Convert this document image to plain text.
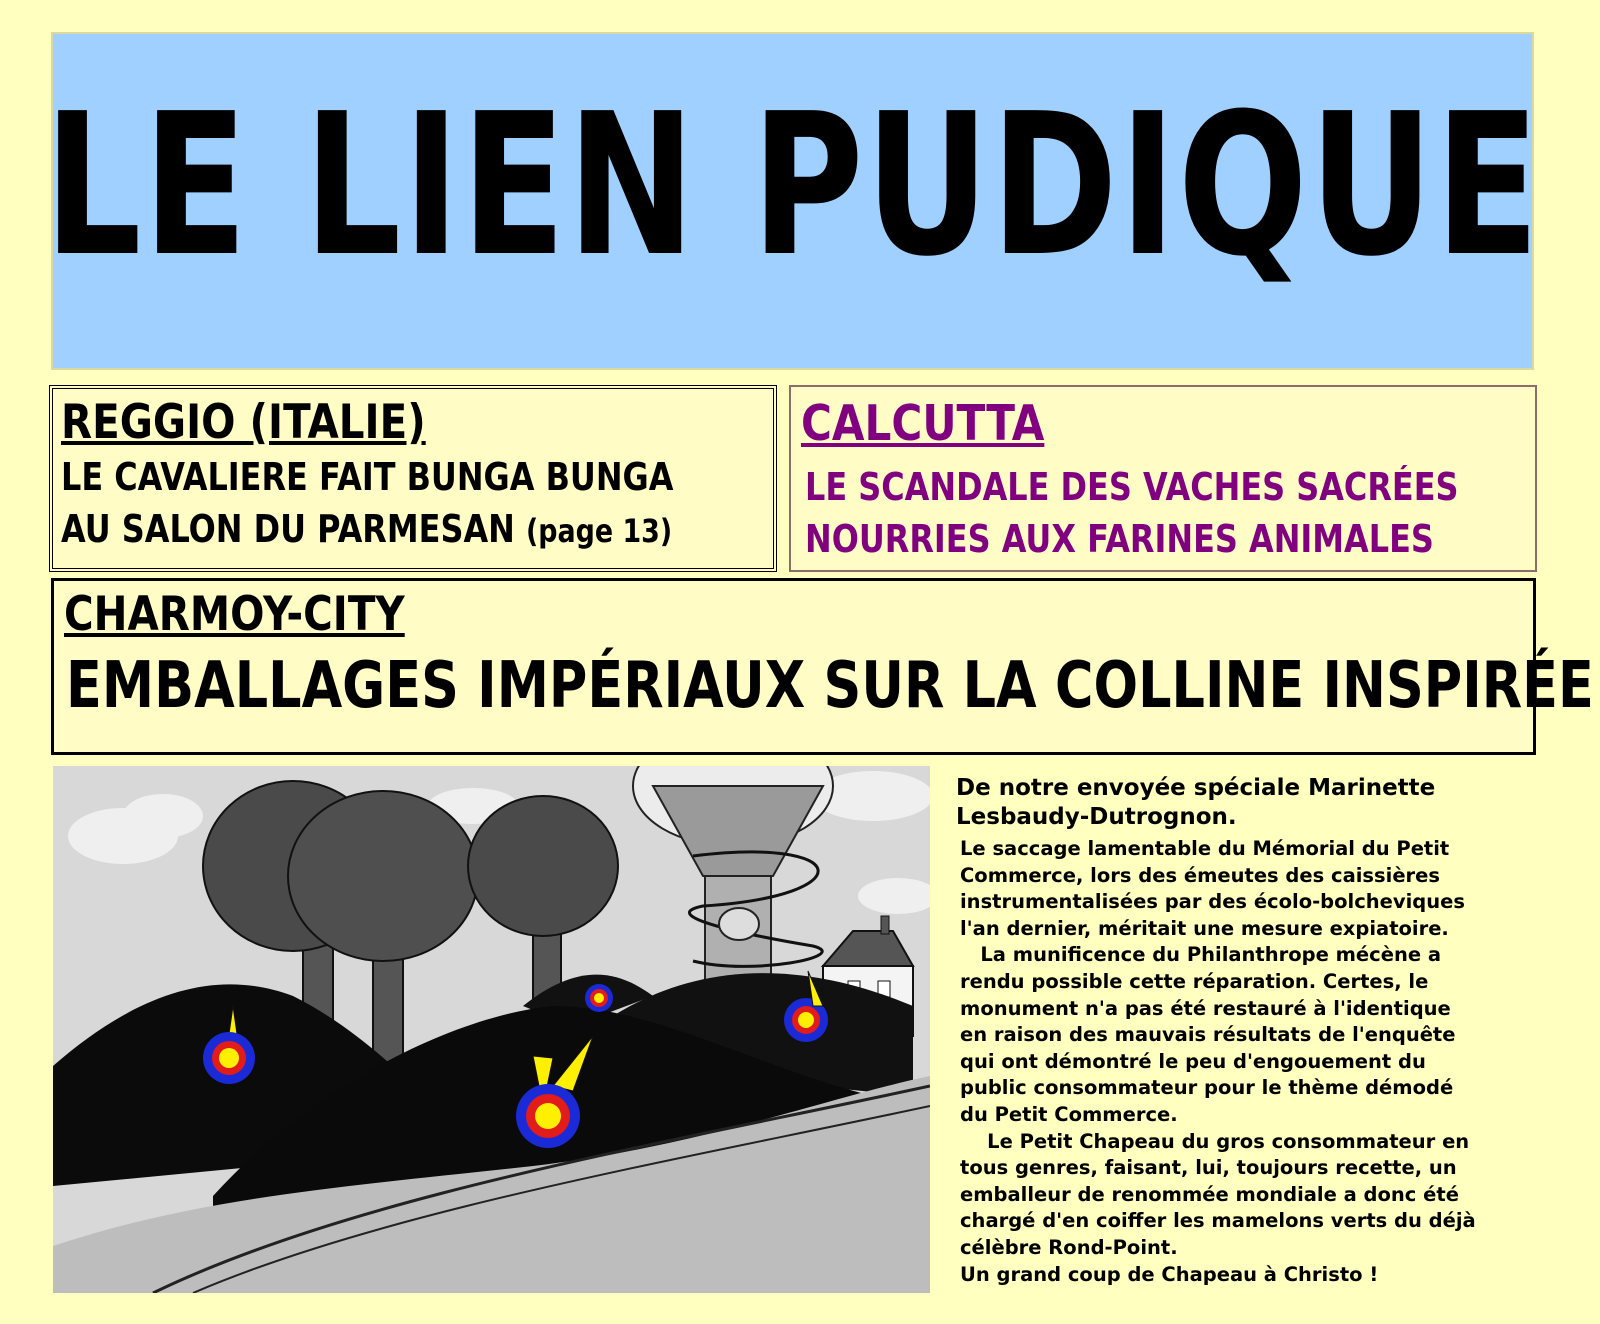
LE LIEN PUDIQUE
REGGIO (ITALIE)
LE CAVALIERE FAIT BUNGA BUNGA
AU SALON DU PARMESAN (page 13)
CALCUTTA
LE SCANDALE DES VACHES SACRÉES
NOURRIES AUX FARINES ANIMALES
CHARMOY-CITY
EMBALLAGES IMPÉRIAUX SUR LA COLLINE INSPIRÉE
De notre envoyée spéciale Marinette
Lesbaudy-Dutrognon.

Le saccage lamentable du Mémorial du Petit

Commerce, lors des émeutes des caissières

instrumentalisées par des écolo-bolcheviques

l'an dernier, méritait une mesure expiatoire.

La munificence du Philanthrope mécène a

rendu possible cette réparation. Certes, le

monument n'a pas été restauré à l'identique

en raison des mauvais résultats de l'enquête

qui ont démontré le peu d'engouement du

public consommateur pour le thème démodé

du Petit Commerce.

Le Petit Chapeau du gros consommateur en

tous genres, faisant, lui, toujours recette, un

emballeur de renommée mondiale a donc été

chargé d'en coiffer les mamelons verts du déjà

célèbre Rond-Point.

Un grand coup de Chapeau à Christo !
